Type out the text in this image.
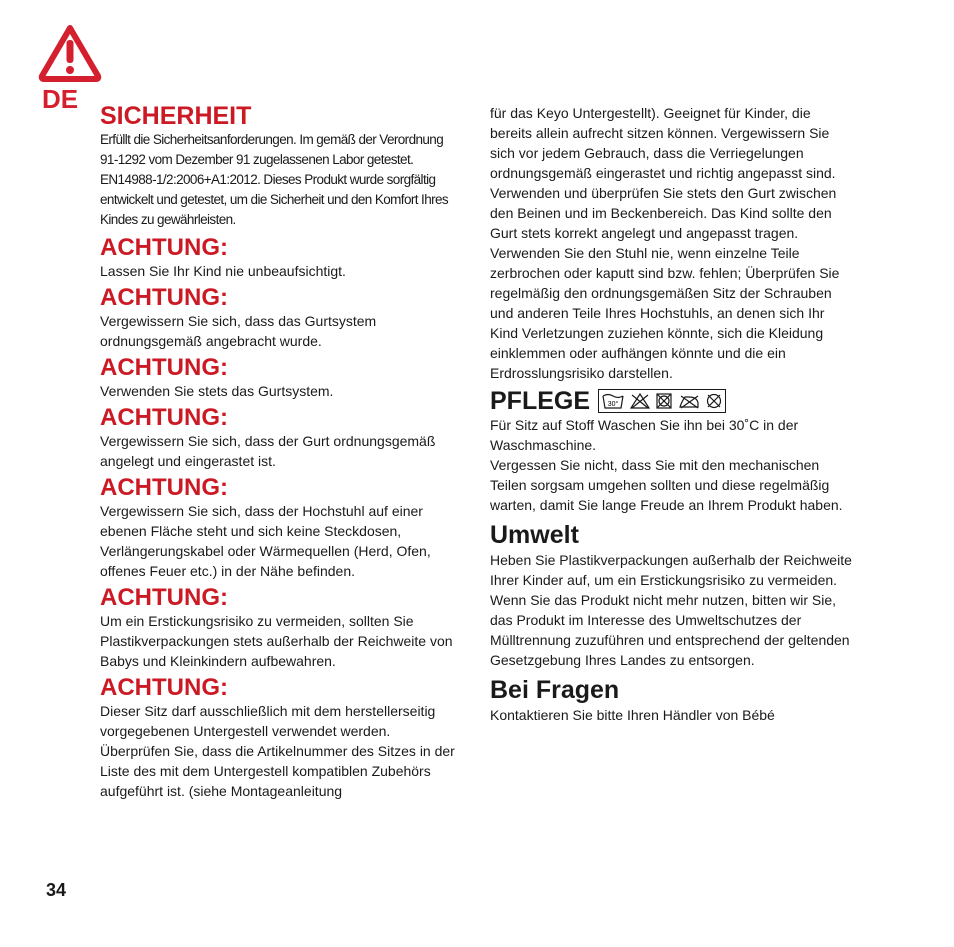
DE
SICHERHEIT

Erfüllt die Sicherheitsanforderungen. Im gemäß der Verordnung 91-1292 vom Dezember 91 zugelassenen Labor getestet. EN14988-1/2:2006+A1:2012. Dieses Produkt wurde sorgfältig entwickelt und getestet, um die Sicherheit und den Komfort Ihres Kindes zu gewährleisten.

ACHTUNG:

Lassen Sie Ihr Kind nie unbeaufsichtigt.

ACHTUNG:

Vergewissern Sie sich, dass das Gurtsystem ordnungsgemäß angebracht wurde.

ACHTUNG:

Verwenden Sie stets das Gurtsystem.

ACHTUNG:

Vergewissern Sie sich, dass der Gurt ordnungsgemäß angelegt und eingerastet ist.

ACHTUNG:

Vergewissern Sie sich, dass der Hochstuhl auf einer ebenen Fläche steht und sich keine Steckdosen, Verlängerungskabel oder Wärmequellen (Herd, Ofen, offenes Feuer etc.) in der Nähe befinden.

ACHTUNG:

Um ein Erstickungsrisiko zu vermeiden, sollten Sie Plastikverpackungen stets außerhalb der Reichweite von Babys und Kleinkindern aufbewahren.

ACHTUNG:

Dieser Sitz darf ausschließlich mit dem herstellerseitig vorgegebenen Untergestell verwendet werden. Überprüfen Sie, dass die Artikelnummer des Sitzes in der Liste des mit dem Untergestell kompatiblen Zubehörs aufgeführt ist. (siehe Montageanleitung

für das Keyo Untergestellt). Geeignet für Kinder, die bereits allein aufrecht sitzen können. Vergewissern Sie sich vor jedem Gebrauch, dass die Verriegelungen ordnungsgemäß eingerastet und richtig angepasst sind. Verwenden und überprüfen Sie stets den Gurt zwischen den Beinen und im Beckenbereich. Das Kind sollte den Gurt stets korrekt angelegt und angepasst tragen. Verwenden Sie den Stuhl nie, wenn einzelne Teile zerbrochen oder kaputt sind bzw. fehlen; Überprüfen Sie regelmäßig den ordnungsgemäßen Sitz der Schrauben und anderen Teile Ihres Hochstuhls, an denen sich Ihr Kind Verletzungen zuziehen könnte, sich die Kleidung einklemmen oder aufhängen könnte und die ein Erdrosslungsrisiko darstellen.

PFLEGE	30°

Für Sitz auf Stoff Waschen Sie ihn bei 30˚C in der Waschmaschine.

Vergessen Sie nicht, dass Sie mit den mechanischen Teilen sorgsam umgehen sollten und diese regelmäßig warten, damit Sie lange Freude an Ihrem Produkt haben.

Umwelt

Heben Sie Plastikverpackungen außerhalb der Reichweite Ihrer Kinder auf, um ein Erstickungsrisiko zu vermeiden. Wenn Sie das Produkt nicht mehr nutzen, bitten wir Sie, das Produkt im Interesse des Umweltschutzes der Mülltrennung zuzuführen und entsprechend der geltenden Gesetzgebung Ihres Landes zu entsorgen.

Bei Fragen

Kontaktieren Sie bitte Ihren Händler von Bébé

34
